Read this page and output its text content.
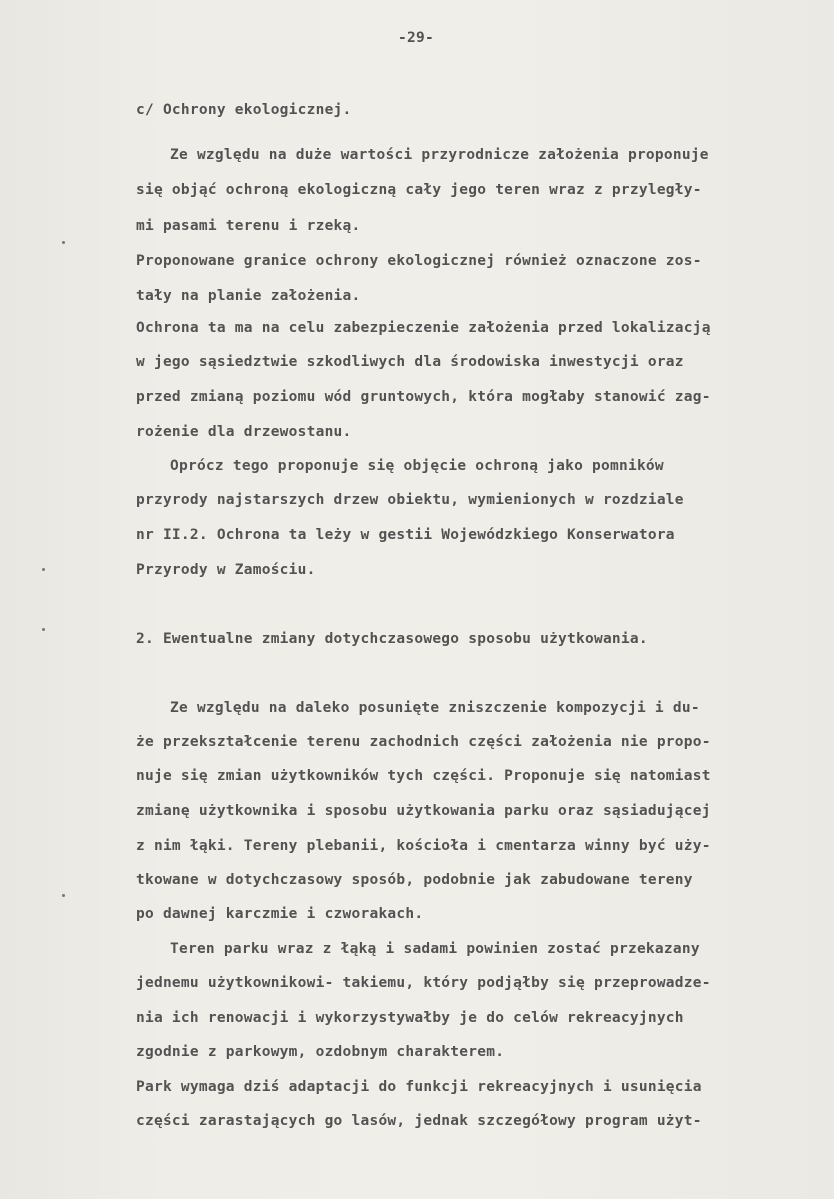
-29-
c/ Ochrony ekologicznej.
Ze względu na duże wartości przyrodnicze założenia proponuje
się objąć ochroną ekologiczną cały jego teren wraz z przyległy-
mi pasami terenu i rzeką.
Proponowane granice ochrony ekologicznej również oznaczone zos-
tały na planie założenia.
Ochrona ta ma na celu zabezpieczenie założenia przed lokalizacją
w jego sąsiedztwie szkodliwych dla środowiska inwestycji oraz
przed zmianą poziomu wód gruntowych, która mogłaby stanowić zag-
rożenie dla drzewostanu.
Oprócz tego proponuje się objęcie ochroną jako pomników
przyrody najstarszych drzew obiektu, wymienionych w rozdziale
nr II.2. Ochrona ta leży w gestii Wojewódzkiego Konserwatora
Przyrody w Zamościu.
2. Ewentualne zmiany dotychczasowego sposobu użytkowania.
Ze względu na daleko posunięte zniszczenie kompozycji i du-
że przekształcenie terenu zachodnich części założenia nie propo-
nuje się zmian użytkowników tych części. Proponuje się natomiast
zmianę użytkownika i sposobu użytkowania parku oraz sąsiadującej
z nim łąki. Tereny plebanii, kościoła i cmentarza winny być uży-
tkowane w dotychczasowy sposób, podobnie jak zabudowane tereny
po dawnej karczmie i czworakach.
Teren parku wraz z łąką i sadami powinien zostać przekazany
jednemu użytkownikowi- takiemu, który podjąłby się przeprowadze-
nia ich renowacji i wykorzystywałby je do celów rekreacyjnych
zgodnie z parkowym, ozdobnym charakterem.
Park wymaga dziś adaptacji do funkcji rekreacyjnych i usunięcia
części zarastających go lasów, jednak szczegółowy program użyt-
